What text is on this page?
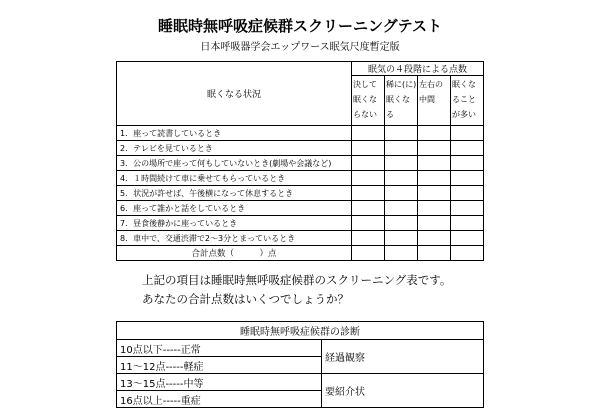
睡眠時無呼吸症候群スクリーニングテスト
日本呼吸器学会エップワース眠気尺度暫定版
眠くなる状況	眠気の４段階による点数			
	決して眠くならない	稀に(に)眠くなる	左右の中間	眠くなることが多い
1．座って読書しているとき				
2．テレビを見ているとき				
3．公の場所で座って何もしていないとき(劇場や会議など)				
4．１時間続けて車に乗せてもらっているとき				
5．状況が許せば、午後横になって休息するとき				
6．座って誰かと話をしているとき				
7．昼食後静かに座っているとき				
8．車中で、交通渋滞で2～3分とまっているとき				
合計点数（　　　）点				
上記の項目は睡眠時無呼吸症候群のスクリーニング表です。
あなたの合計点数はいくつでしょうか？
睡眠時無呼吸症候群の診断	
10点以下-----正常	経過観察
11～12点-----軽症	
13～15点-----中等	要紹介状
16点以上-----重症	
